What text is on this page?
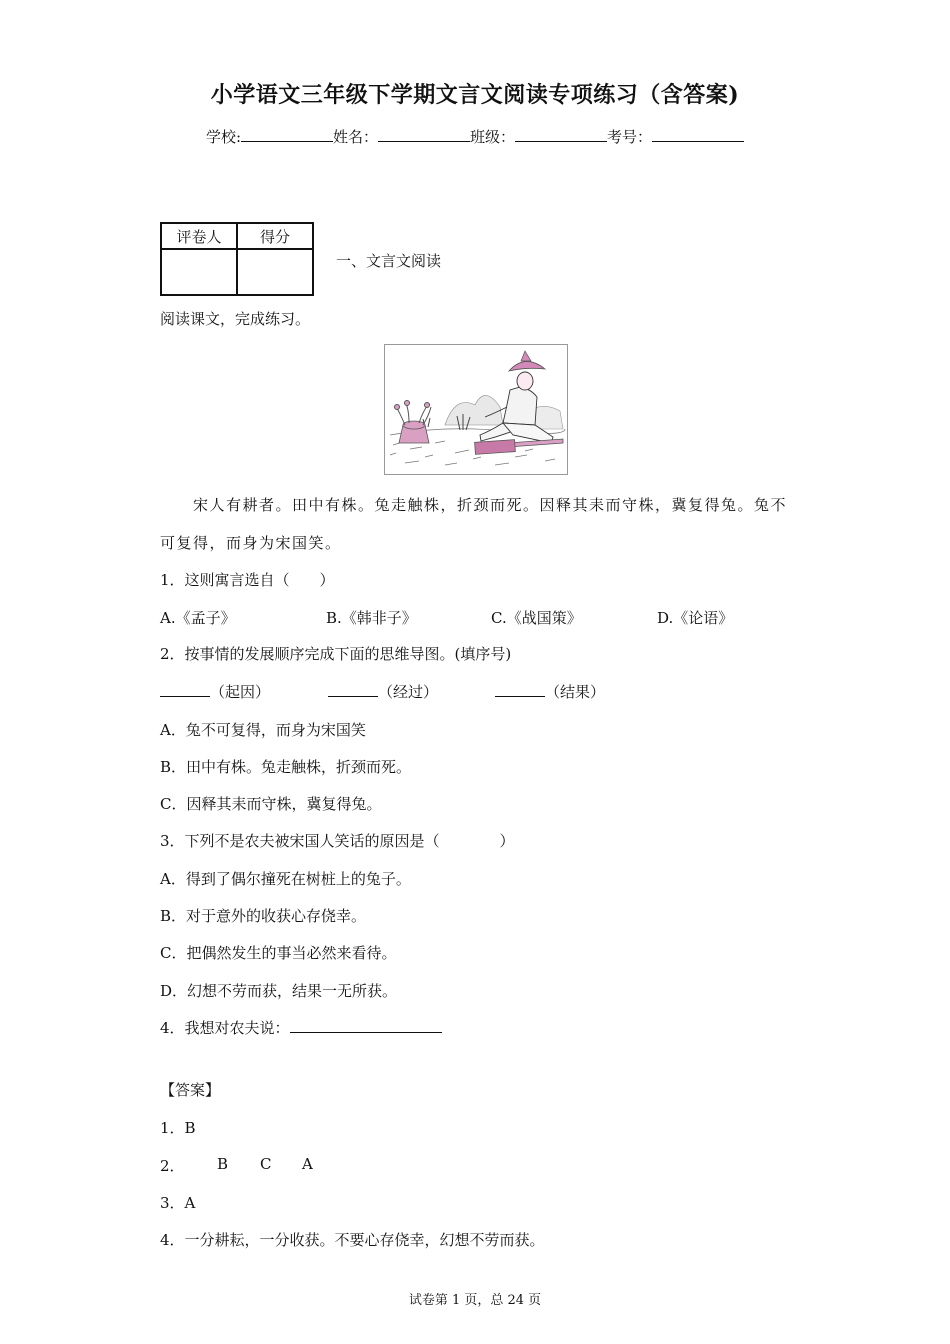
小学语文三年级下学期文言文阅读专项练习（含答案)
学校:	姓名：	班级：	考号：
评卷人	得分

一、文言文阅读
阅读课文，完成练习。
宋人有耕者。田中有株。兔走触株，折颈而死。因释其耒而守株，冀复得兔。兔不
可复得，而身为宋国笑。
1．这则寓言选自（　　）
A.《孟子》	B.《韩非子》	C.《战国策》	D.《论语》
2．按事情的发展顺序完成下面的思维导图。(填序号)
（起因）	（经过）	（结果）
A．兔不可复得，而身为宋国笑
B．田中有株。兔走触株，折颈而死。
C．因释其耒而守株，冀复得兔。
3．下列不是农夫被宋国人笑话的原因是（　　　　）
A．得到了偶尔撞死在树桩上的兔子。
B．对于意外的收获心存侥幸。
C．把偶然发生的事当必然来看待。
D．幻想不劳而获，结果一无所获。
4．我想对农夫说：
【答案】
1．B
2． B C A
3．A
4．一分耕耘，一分收获。不要心存侥幸，幻想不劳而获。
试卷第 1 页，总 24 页
